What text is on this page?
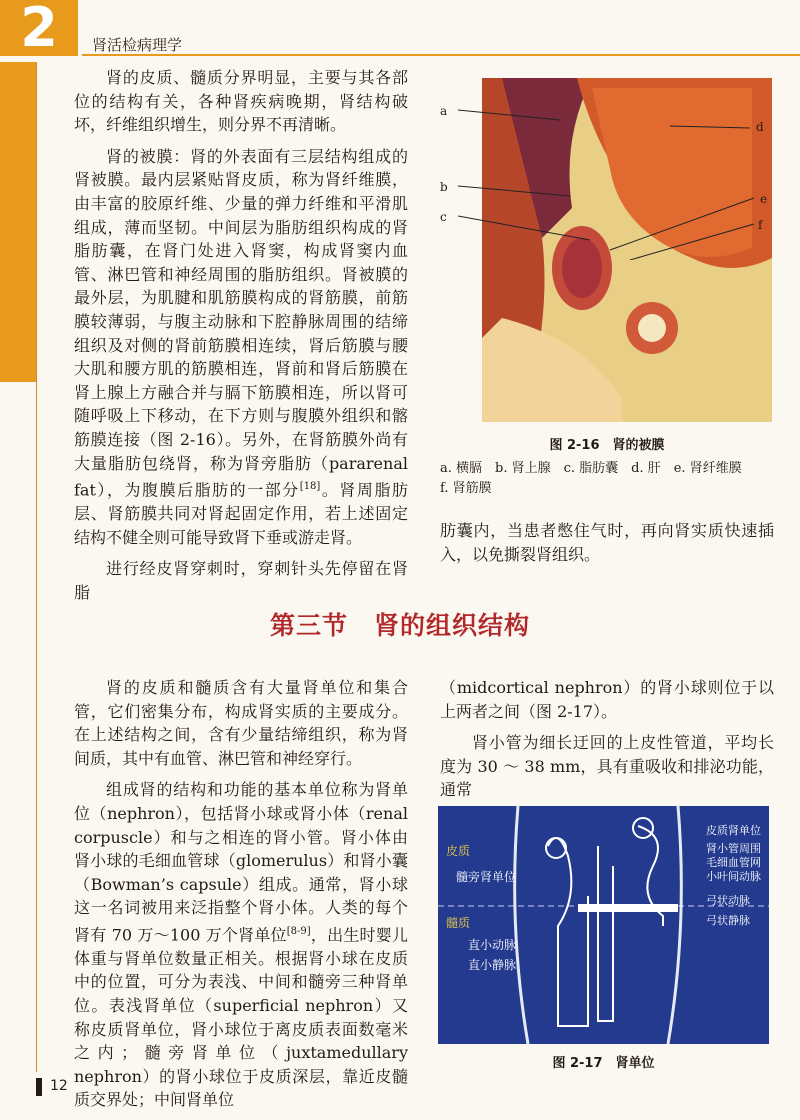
2	肾活检病理学

肾的皮质、髓质分界明显，主要与其各部位的结构有关，各种肾疾病晚期，肾结构破坏，纤维组织增生，则分界不再清晰。

肾的被膜：肾的外表面有三层结构组成的肾被膜。最内层紧贴肾皮质，称为肾纤维膜，由丰富的胶原纤维、少量的弹力纤维和平滑肌组成，薄而坚韧。中间层为脂肪组织构成的肾脂肪囊，在肾门处进入肾窦，构成肾窦内血管、淋巴管和神经周围的脂肪组织。肾被膜的最外层，为肌腱和肌筋膜构成的肾筋膜，前筋膜较薄弱，与腹主动脉和下腔静脉周围的结缔组织及对侧的肾前筋膜相连续，肾后筋膜与腰大肌和腰方肌的筋膜相连，肾前和肾后筋膜在肾上腺上方融合并与膈下筋膜相连，所以肾可随呼吸上下移动，在下方则与腹膜外组织和髂筋膜连接（图 2-16）。另外，在肾筋膜外尚有大量脂肪包绕肾，称为肾旁脂肪（pararenal fat），为腹膜后脂肪的一部分[18]。肾周脂肪层、肾筋膜共同对肾起固定作用，若上述固定结构不健全则可能导致肾下垂或游走肾。

进行经皮肾穿刺时，穿刺针头先停留在肾脂

肪囊内，当患者憋住气时，再向肾实质快速插入，以免撕裂肾组织。

a
b
c
d
e
f
图 2-16　肾的被膜
a. 横膈　b. 肾上腺　c. 脂肪囊　d. 肝　e. 肾纤维膜
f. 肾筋膜
第三节　肾的组织结构

肾的皮质和髓质含有大量肾单位和集合管，它们密集分布，构成肾实质的主要成分。在上述结构之间，含有少量结缔组织，称为肾间质，其中有血管、淋巴管和神经穿行。

组成肾的结构和功能的基本单位称为肾单位（nephron），包括肾小球或肾小体（renal corpuscle）和与之相连的肾小管。肾小体由肾小球的毛细血管球（glomerulus）和肾小囊（Bowman’s capsule）组成。通常，肾小球这一名词被用来泛指整个肾小体。人类的每个肾有 70 万～100 万个肾单位[8-9]，出生时婴儿体重与肾单位数量正相关。根据肾小球在皮质中的位置，可分为表浅、中间和髓旁三种肾单位。表浅肾单位（superficial nephron）又称皮质肾单位，肾小球位于离皮质表面数毫米之内；髓旁肾单位（juxtamedullary nephron）的肾小球位于皮质深层，靠近皮髓质交界处；中间肾单位

（midcortical nephron）的肾小球则位于以上两者之间（图 2-17）。

肾小管为细长迂回的上皮性管道，平均长度为 30 ～ 38 mm，具有重吸收和排泌功能，通常

皮质
髓质
髓旁肾单位
直小动脉
直小静脉
皮质肾单位
肾小管周围
毛细血管网
小叶间动脉
弓状动脉
弓状静脉
图 2-17　肾单位
12
